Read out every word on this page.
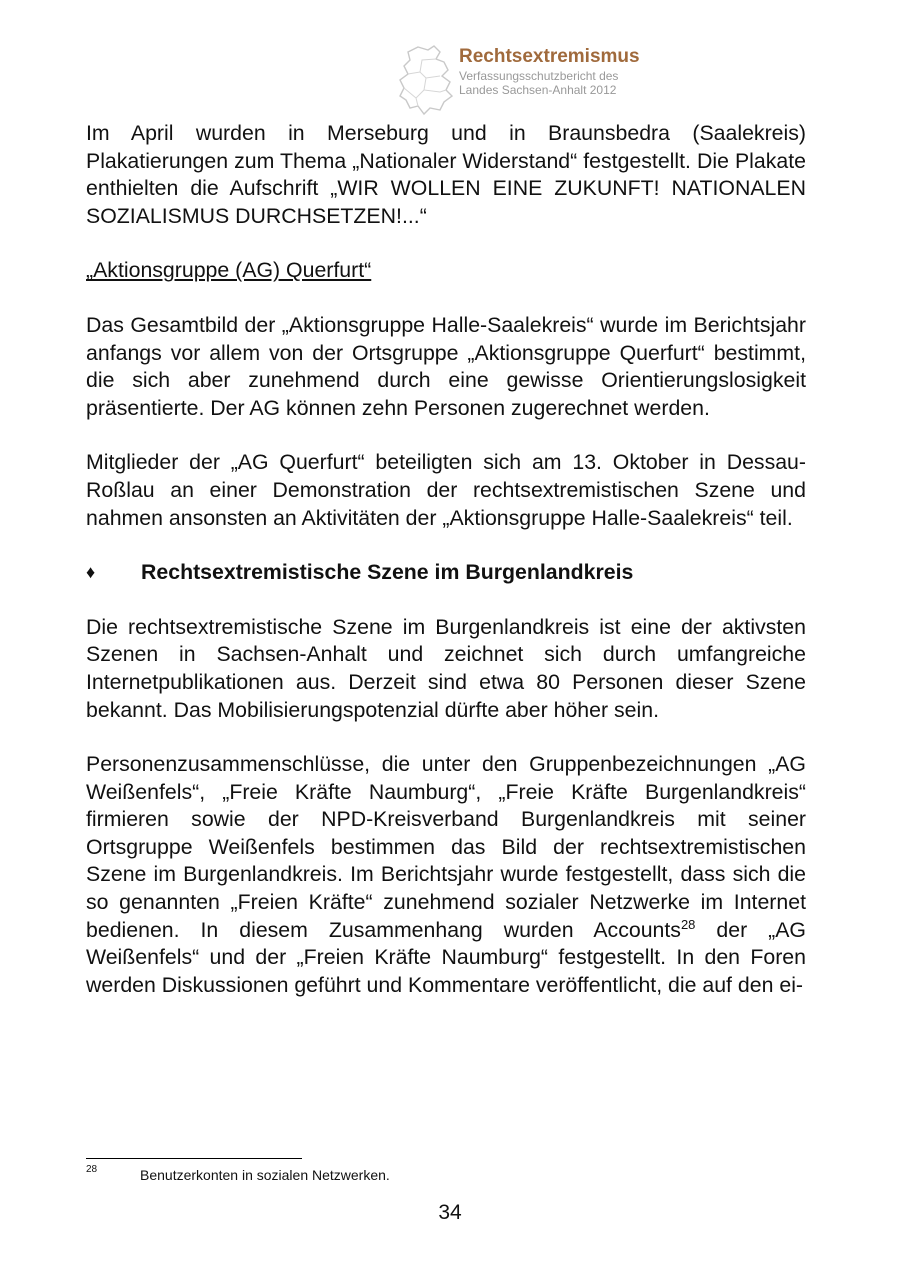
Rechtsextremismus
Verfassungsschutzbericht des
Landes Sachsen-Anhalt 2012

Im April wurden in Merseburg und in Braunsbedra (Saalekreis) Plakatierungen zum Thema „Nationaler Widerstand“ festgestellt. Die Plakate enthielten die Aufschrift „WIR WOLLEN EINE ZUKUNFT! NATIONALEN SOZIALISMUS DURCHSETZEN!...“

„Aktionsgruppe (AG) Querfurt“

Das Gesamtbild der „Aktionsgruppe Halle-Saalekreis“ wurde im Berichtsjahr anfangs vor allem von der Ortsgruppe „Aktionsgruppe Querfurt“ bestimmt, die sich aber zunehmend durch eine gewisse Orientierungslosigkeit präsentierte. Der AG können zehn Personen zugerechnet werden.

Mitglieder der „AG Querfurt“ beteiligten sich am 13. Oktober in Dessau-Roßlau an einer Demonstration der rechtsextremistischen Szene und nahmen ansonsten an Aktivitäten der „Aktionsgruppe Halle-Saalekreis“ teil.

♦ Rechtsextremistische Szene im Burgenlandkreis

Die rechtsextremistische Szene im Burgenlandkreis ist eine der aktivsten Szenen in Sachsen-Anhalt und zeichnet sich durch umfangreiche Internetpublikationen aus. Derzeit sind etwa 80 Personen dieser Szene bekannt. Das Mobilisierungspotenzial dürfte aber höher sein.

Personenzusammenschlüsse, die unter den Gruppenbezeichnungen „AG Weißenfels“, „Freie Kräfte Naumburg“, „Freie Kräfte Burgenlandkreis“ firmieren sowie der NPD-Kreisverband Burgenlandkreis mit seiner Ortsgruppe Weißenfels bestimmen das Bild der rechtsextremistischen Szene im Burgenlandkreis. Im Berichtsjahr wurde festgestellt, dass sich die so genannten „Freien Kräfte“ zunehmend sozialer Netzwerke im Internet bedienen. In diesem Zusammenhang wurden Accounts$^{28}$ der „AG Weißenfels“ und der „Freien Kräfte Naumburg“ festgestellt. In den Foren werden Diskussionen geführt und Kommentare veröffentlicht, die auf den ei-

28	Benutzerkonten in sozialen Netzwerken.
34
